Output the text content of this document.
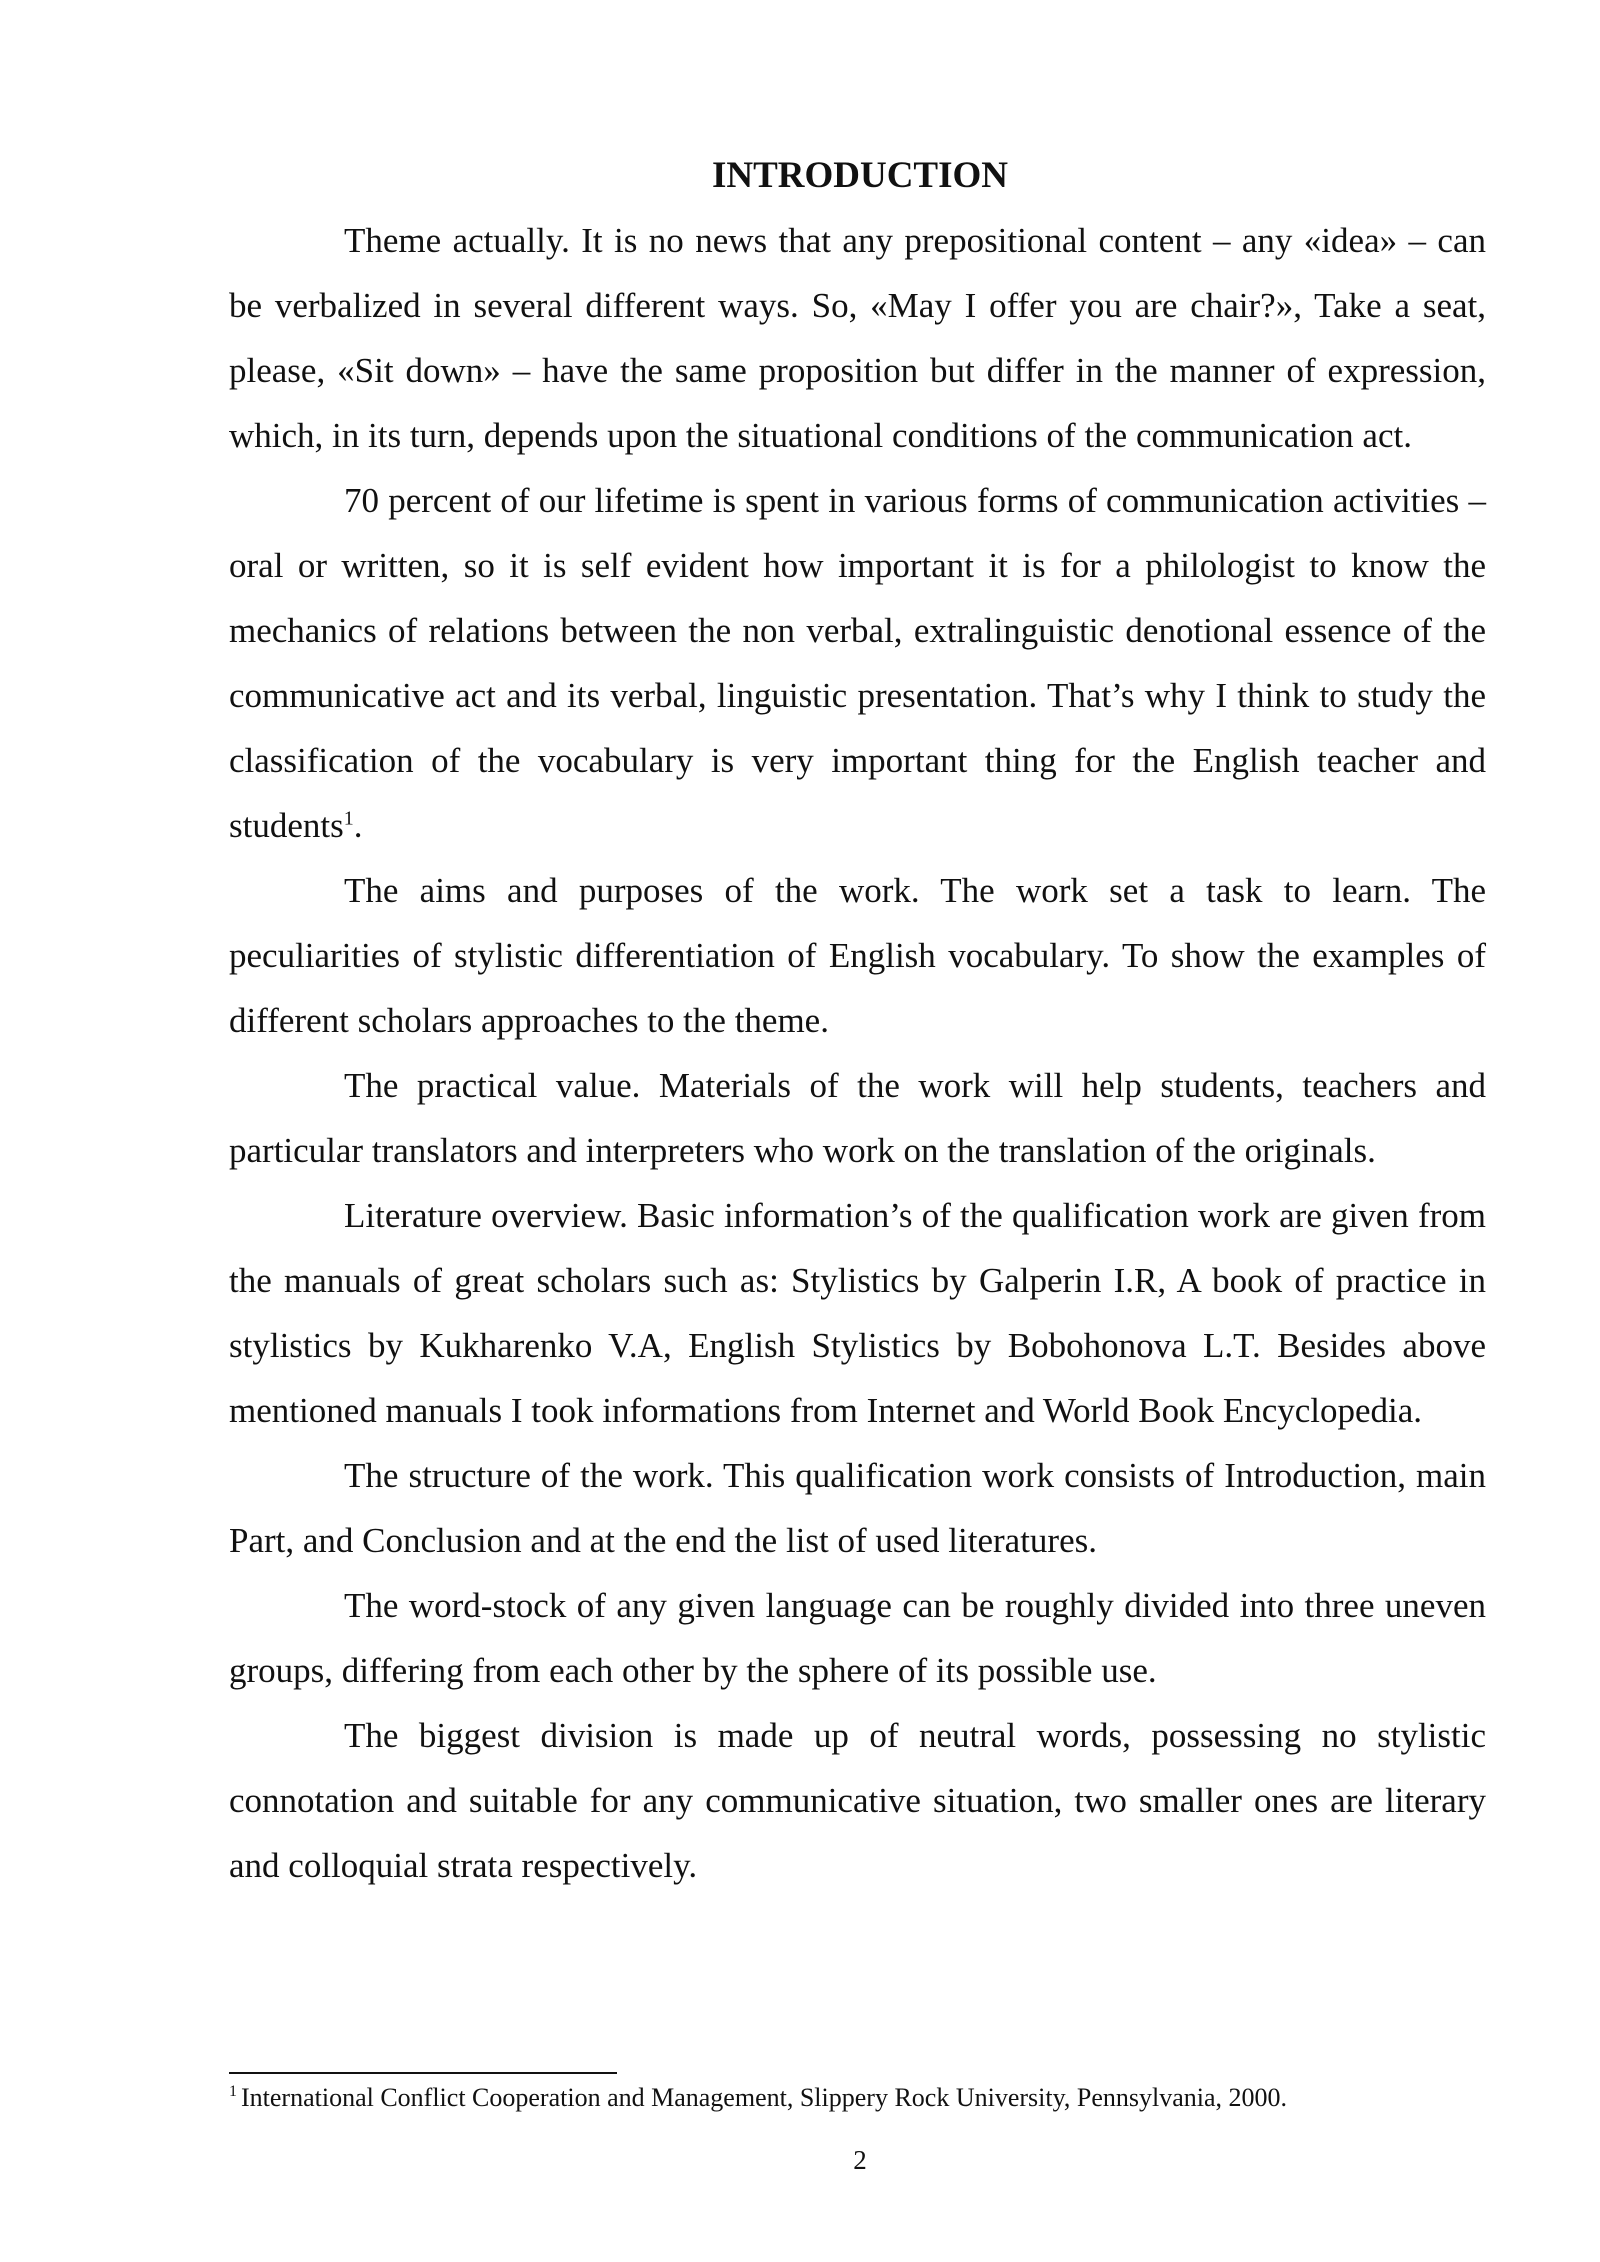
INTRODUCTION

Theme actually. It is no news that any prepositional content – any «idea» – can be verbalized in several different ways. So, «May I offer you are chair?», Take a seat, please, «Sit down» – have the same proposition but differ in the manner of expression, which, in its turn, depends upon the situational conditions of the communication act.

70 percent of our lifetime is spent in various forms of communication activities – oral or written, so it is self evident how important it is for a philologist to know the mechanics of relations between the non verbal, extralinguistic denotional essence of the communicative act and its verbal, linguistic presentation. That’s why I think to study the classification of the vocabulary is very important thing for the English teacher and students$^1$.

The aims and purposes of the work. The work set a task to learn. The peculiarities of stylistic differentiation of English vocabulary. To show the examples of different scholars approaches to the theme.

The practical value. Materials of the work will help students, teachers and particular translators and interpreters who work on the translation of the originals.

Literature overview. Basic information’s of the qualification work are given from the manuals of great scholars such as: Stylistics by Galperin I.R, A book of practice in stylistics by Kukharenko V.A, English Stylistics by Bobohonova L.T. Besides above mentioned manuals I took informations from Internet and World Book Encyclopedia.

The structure of the work. This qualification work consists of Introduction, main Part, and Conclusion and at the end the list of used literatures.

The word-stock of any given language can be roughly divided into three uneven groups, differing from each other by the sphere of its possible use.

The biggest division is made up of neutral words, possessing no stylistic connotation and suitable for any communicative situation, two smaller ones are literary and colloquial strata respectively.

$^1$ International Conflict Cooperation and Management, Slippery Rock University, Pennsylvania, 2000.

2
